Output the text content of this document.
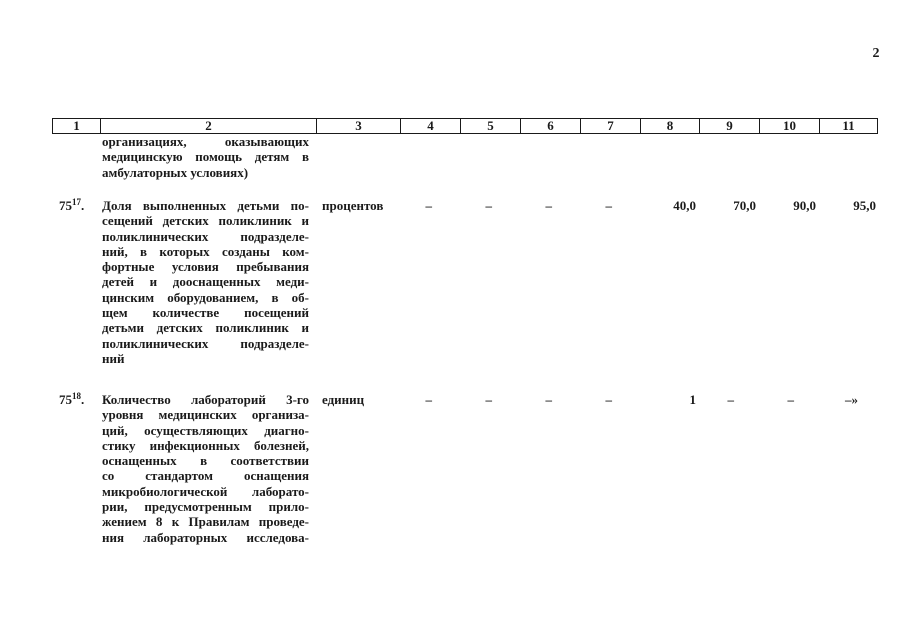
2
1	2	3	4	5	6	7	8	9	10	11
организациях, оказывающих
медицинскую помощь детям в
амбулаторных условиях)
$75^{17}$.	Доля выполненных детьми по-
сещений детских поликлиник и
поликлинических подразделе-
ний, в которых созданы ком-
фортные условия пребывания
детей и дооснащенных меди-
цинским оборудованием, в об-
щем количестве посещений
детьми детских поликлиник и
поликлинических подразделе-
ний
процентов	–	–	–	–	40,0	70,0	90,0	95,0
$75^{18}$.	Количество лабораторий 3-го
уровня медицинских организа-
ций, осуществляющих диагно-
стику инфекционных болезней,
оснащенных в соответствии
со стандартом оснащения
микробиологической лаборато-
рии, предусмотренным прило-
жением 8 к Правилам проведе-
ния лабораторных исследова-
единиц	–	–	–	–	1	–	–	–»
